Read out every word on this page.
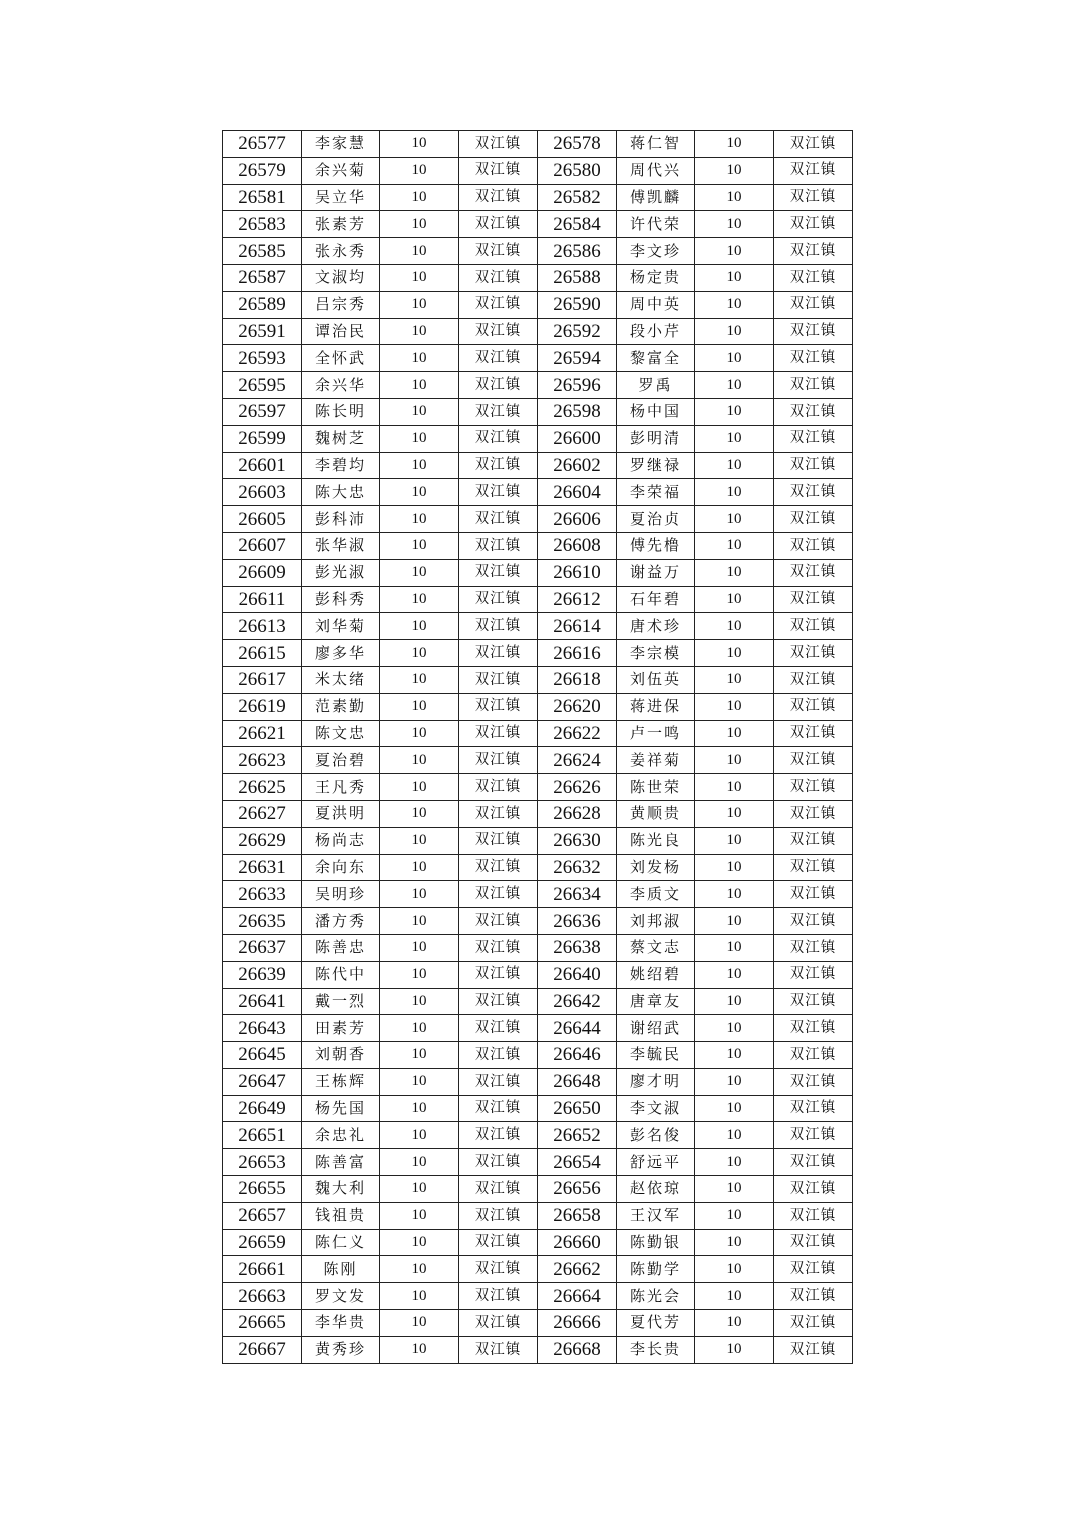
26577	李家慧	10	双江镇	26578	蒋仁智	10	双江镇
26579	余兴菊	10	双江镇	26580	周代兴	10	双江镇
26581	吴立华	10	双江镇	26582	傅凯麟	10	双江镇
26583	张素芳	10	双江镇	26584	许代荣	10	双江镇
26585	张永秀	10	双江镇	26586	李文珍	10	双江镇
26587	文淑均	10	双江镇	26588	杨定贵	10	双江镇
26589	吕宗秀	10	双江镇	26590	周中英	10	双江镇
26591	谭治民	10	双江镇	26592	段小芹	10	双江镇
26593	全怀武	10	双江镇	26594	黎富全	10	双江镇
26595	余兴华	10	双江镇	26596	罗禹	10	双江镇
26597	陈长明	10	双江镇	26598	杨中国	10	双江镇
26599	魏树芝	10	双江镇	26600	彭明清	10	双江镇
26601	李碧均	10	双江镇	26602	罗继禄	10	双江镇
26603	陈大忠	10	双江镇	26604	李荣福	10	双江镇
26605	彭科沛	10	双江镇	26606	夏治贞	10	双江镇
26607	张华淑	10	双江镇	26608	傅先橹	10	双江镇
26609	彭光淑	10	双江镇	26610	谢益万	10	双江镇
26611	彭科秀	10	双江镇	26612	石年碧	10	双江镇
26613	刘华菊	10	双江镇	26614	唐术珍	10	双江镇
26615	廖多华	10	双江镇	26616	李宗模	10	双江镇
26617	米太绪	10	双江镇	26618	刘伍英	10	双江镇
26619	范素勤	10	双江镇	26620	蒋进保	10	双江镇
26621	陈文忠	10	双江镇	26622	卢一鸣	10	双江镇
26623	夏治碧	10	双江镇	26624	姜祥菊	10	双江镇
26625	王凡秀	10	双江镇	26626	陈世荣	10	双江镇
26627	夏洪明	10	双江镇	26628	黄顺贵	10	双江镇
26629	杨尚志	10	双江镇	26630	陈光良	10	双江镇
26631	余向东	10	双江镇	26632	刘发杨	10	双江镇
26633	吴明珍	10	双江镇	26634	李质文	10	双江镇
26635	潘方秀	10	双江镇	26636	刘邦淑	10	双江镇
26637	陈善忠	10	双江镇	26638	蔡文志	10	双江镇
26639	陈代中	10	双江镇	26640	姚绍碧	10	双江镇
26641	戴一烈	10	双江镇	26642	唐章友	10	双江镇
26643	田素芳	10	双江镇	26644	谢绍武	10	双江镇
26645	刘朝香	10	双江镇	26646	李毓民	10	双江镇
26647	王栋辉	10	双江镇	26648	廖才明	10	双江镇
26649	杨先国	10	双江镇	26650	李文淑	10	双江镇
26651	余忠礼	10	双江镇	26652	彭名俊	10	双江镇
26653	陈善富	10	双江镇	26654	舒远平	10	双江镇
26655	魏大利	10	双江镇	26656	赵依琼	10	双江镇
26657	钱祖贵	10	双江镇	26658	王汉军	10	双江镇
26659	陈仁义	10	双江镇	26660	陈勤银	10	双江镇
26661	陈刚	10	双江镇	26662	陈勤学	10	双江镇
26663	罗文发	10	双江镇	26664	陈光会	10	双江镇
26665	李华贵	10	双江镇	26666	夏代芳	10	双江镇
26667	黄秀珍	10	双江镇	26668	李长贵	10	双江镇
